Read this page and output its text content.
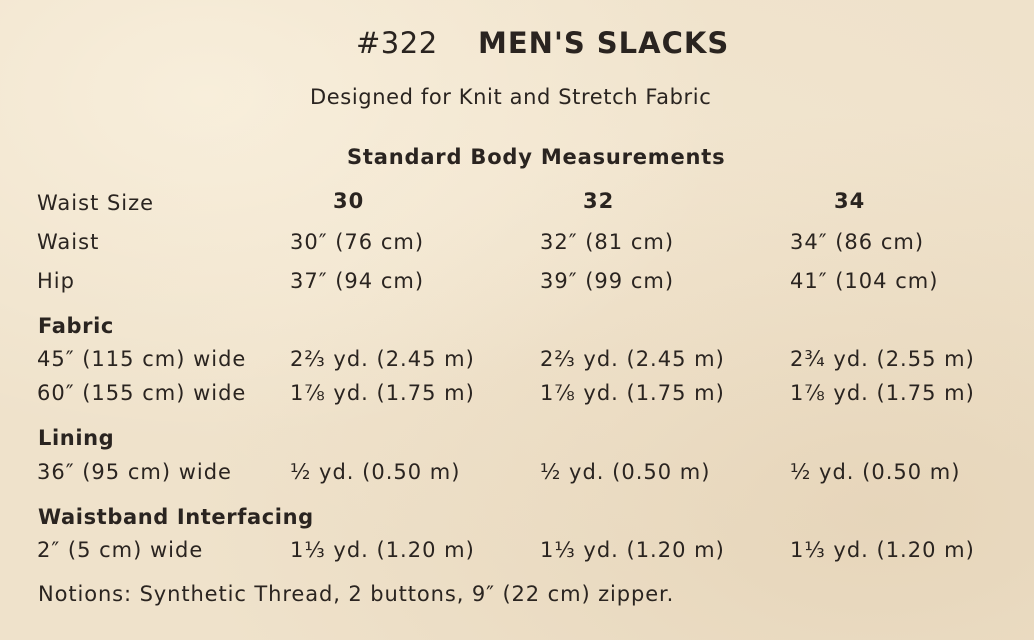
#322 MEN'S SLACKS
Designed for Knit and Stretch Fabric
Standard Body Measurements
Waist Size	30	32	34
Waist	30″ (76 cm)	32″ (81 cm)	34″ (86 cm)
Hip	37″ (94 cm)	39″ (99 cm)	41″ (104 cm)
Fabric
45″ (115 cm) wide 2⅔ yd. (2.45 m)	2⅔ yd. (2.45 m)	2¾ yd. (2.55 m)
60″ (155 cm) wide 1⅞ yd. (1.75 m)	1⅞ yd. (1.75 m)	1⅞ yd. (1.75 m)
Lining
36″ (95 cm) wide	½ yd. (0.50 m)	½ yd. (0.50 m)	½ yd. (0.50 m)
Waistband Interfacing
2″ (5 cm) wide	1⅓ yd. (1.20 m)	1⅓ yd. (1.20 m)	1⅓ yd. (1.20 m)
Notions: Synthetic Thread, 2 buttons, 9″ (22 cm) zipper.
